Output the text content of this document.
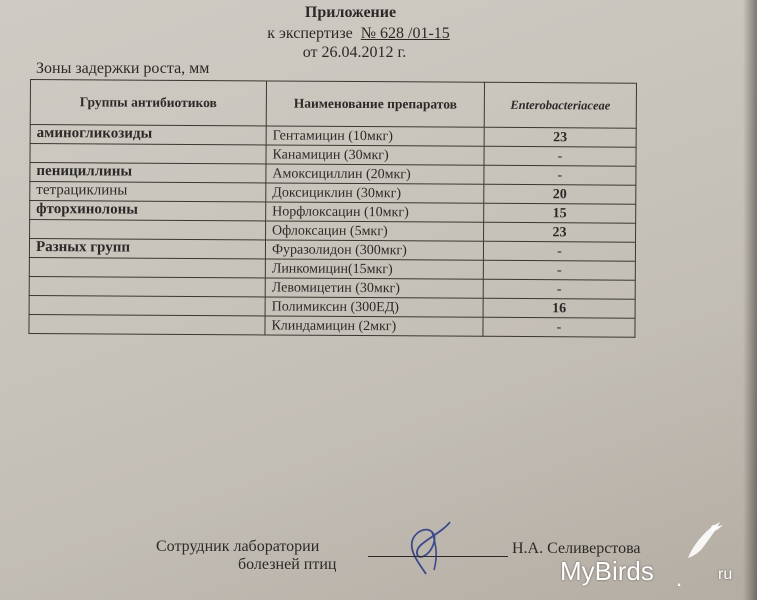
Приложение
к экспертизе № 628 /01-15
от 26.04.2012 г.
Зоны задержки роста, мм
Группы антибиотиков	Наименование препаратов	Enterobacteriaceae
аминогликозиды	Гентамицин (10мкг)	23
	Канамицин (30мкг)	-
пенициллины	Амоксициллин (20мкг)	-
тетрациклины	Доксициклин (30мкг)	20
фторхинолоны	Норфлоксацин (10мкг)	15
	Офлоксацин (5мкг)	23
Разных групп	Фуразолидон (300мкг)	-
	Линкомицин(15мкг)	-
	Левомицетин (30мкг)	-
	Полимиксин (300ЕД)	16
	Клиндамицин (2мкг)	-
Сотрудник лаборатории
болезней птиц
Н.А. Селиверстова
MyBirds . ru
